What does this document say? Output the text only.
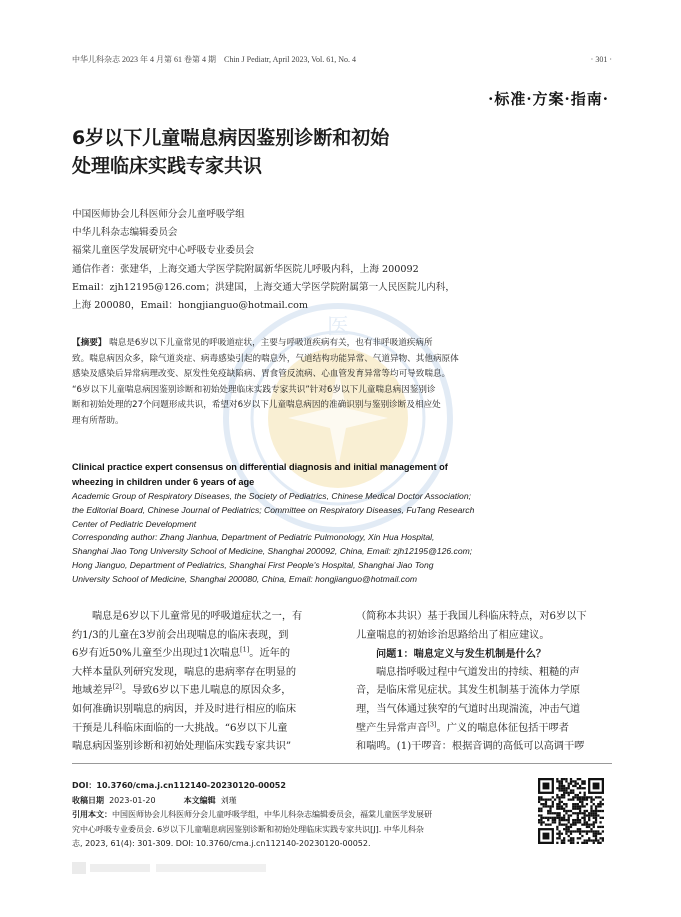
中华儿科杂志 2023 年 4 月第 61 卷第 4 期　Chin J Pediatr, April 2023, Vol. 61, No. 4	· 301 ·
·标准·方案·指南·
6岁以下儿童喘息病因鉴别诊断和初始
处理临床实践专家共识
中国医师协会儿科医师分会儿童呼吸学组
中华儿科杂志编辑委员会
福棠儿童医学发展研究中心呼吸专业委员会
通信作者：张建华，上海交通大学医学院附属新华医院儿呼吸内科，上海 200092
Email：zjh12195@126.com；洪建国，上海交通大学医学院附属第一人民医院儿内科，
上海 200080，Email：hongjianguo@hotmail.com
医
【摘要】 喘息是6岁以下儿童常见的呼吸道症状，主要与呼吸道疾病有关，也有非呼吸道疾病所
致。喘息病因众多，除气道炎症、病毒感染引起的喘息外，气道结构功能异常、气道异物、其他病原体
感染及感染后异常病理改变、原发性免疫缺陷病、胃食管反流病、心血管发育异常等均可导致喘息。
“6岁以下儿童喘息病因鉴别诊断和初始处理临床实践专家共识”针对6岁以下儿童喘息病因鉴别诊
断和初始处理的27个问题形成共识，希望对6岁以下儿童喘息病因的准确识别与鉴别诊断及相应处
理有所帮助。
Clinical practice expert consensus on differential diagnosis and initial management of
wheezing in children under 6 years of age
Academic Group of Respiratory Diseases, the Society of Pediatrics, Chinese Medical Doctor Association;
the Editorial Board, Chinese Journal of Pediatrics; Committee on Respiratory Diseases, FuTang Research
Center of Pediatric Development
Corresponding author: Zhang Jianhua, Department of Pediatric Pulmonology, Xin Hua Hospital,
Shanghai Jiao Tong University School of Medicine, Shanghai 200092, China, Email: zjh12195@126.com;
Hong Jianguo, Department of Pediatrics, Shanghai First People's Hospital, Shanghai Jiao Tong
University School of Medicine, Shanghai 200080, China, Email: hongjianguo@hotmail.com
喘息是6岁以下儿童常见的呼吸道症状之一，有
约1/3的儿童在3岁前会出现喘息的临床表现，到
6岁有近50%儿童至少出现过1次喘息[1]。近年的
大样本量队列研究发现，喘息的患病率存在明显的
地域差异[2]。导致6岁以下患儿喘息的原因众多，
如何准确识别喘息的病因，并及时进行相应的临床
干预是儿科临床面临的一大挑战。“6岁以下儿童
喘息病因鉴别诊断和初始处理临床实践专家共识”
（简称本共识）基于我国儿科临床特点，对6岁以下
儿童喘息的初始诊治思路给出了相应建议。
问题1：喘息定义与发生机制是什么？
喘息指呼吸过程中气道发出的持续、粗糙的声
音，是临床常见症状。其发生机制基于流体力学原
理，当气体通过狭窄的气道时出现湍流，冲击气道
壁产生异常声音[3]。广义的喘息体征包括干啰者
和喘鸣。(1)干啰音：根据音调的高低可以高调干啰
DOI：10.3760/cma.j.cn112140-20230120-00052
收稿日期 2023-01-20	本文编辑 刘瑾
引用本文：中国医师协会儿科医师分会儿童呼吸学组，中华儿科杂志编辑委员会，福棠儿童医学发展研
究中心呼吸专业委员会. 6岁以下儿童喘息病因鉴别诊断和初始处理临床实践专家共识[J]. 中华儿科杂
志, 2023, 61(4): 301-309. DOI: 10.3760/cma.j.cn112140-20230120-00052.
